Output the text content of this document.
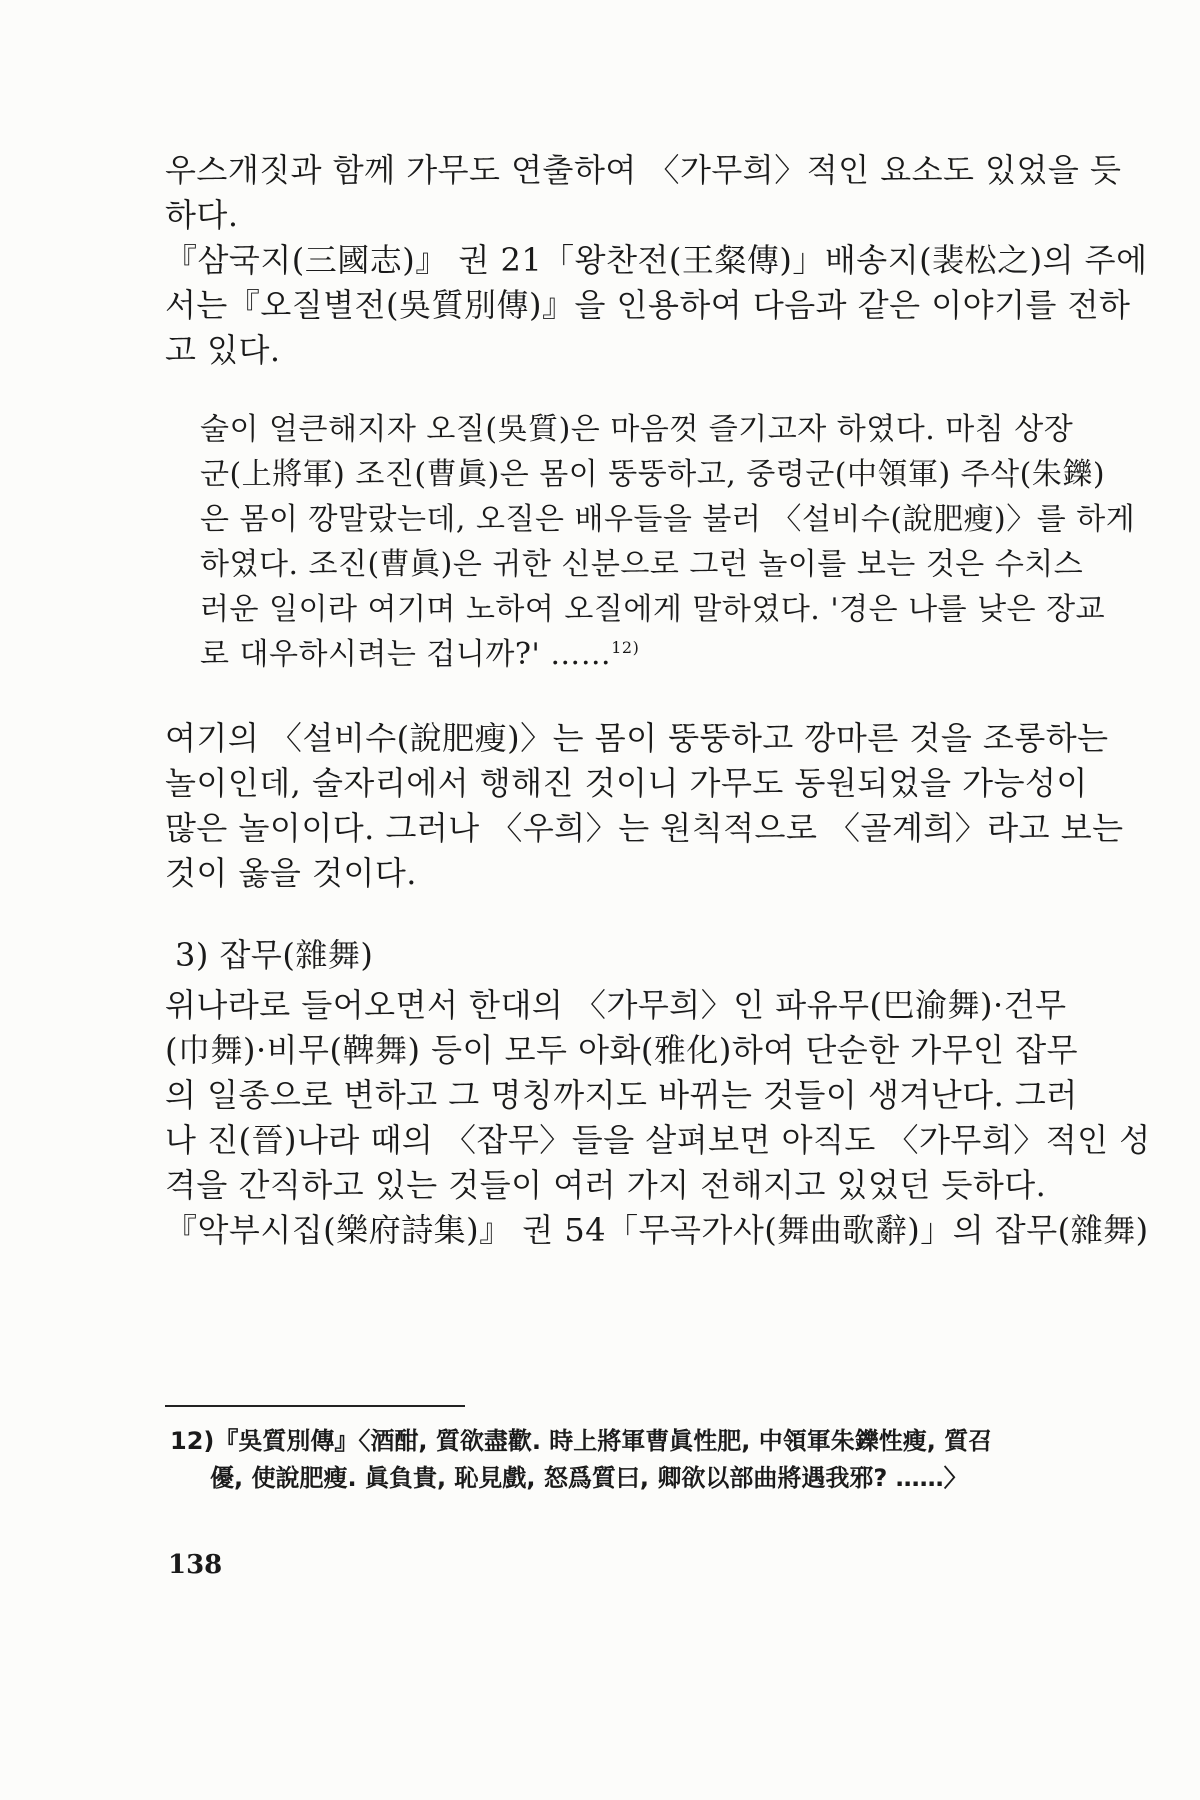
우스개짓과 함께 가무도 연출하여 〈가무희〉적인 요소도 있었을 듯
하다.
『삼국지(三國志)』 권 21「왕찬전(王粲傳)」배송지(裴松之)의 주에
서는『오질별전(吳質別傳)』을 인용하여 다음과 같은 이야기를 전하
고 있다.
술이 얼큰해지자 오질(吳質)은 마음껏 즐기고자 하였다. 마침 상장
군(上將軍) 조진(曹眞)은 몸이 뚱뚱하고, 중령군(中領軍) 주삭(朱鑠)
은 몸이 깡말랐는데, 오질은 배우들을 불러 〈설비수(說肥瘦)〉를 하게
하였다. 조진(曹眞)은 귀한 신분으로 그런 놀이를 보는 것은 수치스
러운 일이라 여기며 노하여 오질에게 말하였다. '경은 나를 낮은 장교
로 대우하시려는 겁니까?' ……$^{12)}$
여기의 〈설비수(說肥瘦)〉는 몸이 뚱뚱하고 깡마른 것을 조롱하는
놀이인데, 술자리에서 행해진 것이니 가무도 동원되었을 가능성이
많은 놀이이다. 그러나 〈우희〉는 원칙적으로 〈골계희〉라고 보는
것이 옳을 것이다.
3) 잡무(雜舞)
위나라로 들어오면서 한대의 〈가무희〉인 파유무(巴渝舞)·건무
(巾舞)·비무(鞞舞) 등이 모두 아화(雅化)하여 단순한 가무인 잡무
의 일종으로 변하고 그 명칭까지도 바뀌는 것들이 생겨난다. 그러
나 진(晉)나라 때의 〈잡무〉들을 살펴보면 아직도 〈가무희〉적인 성
격을 간직하고 있는 것들이 여러 가지 전해지고 있었던 듯하다.
『악부시집(樂府詩集)』 권 54「무곡가사(舞曲歌辭)」의 잡무(雜舞)
12)『吳質別傳』〈酒酣, 質欲盡歡. 時上將軍曹眞性肥, 中領軍朱鑠性瘦, 質召
優, 使說肥瘦. 眞負貴, 恥見戲, 怒爲質曰, 卿欲以部曲將遇我邪? ……〉
138
